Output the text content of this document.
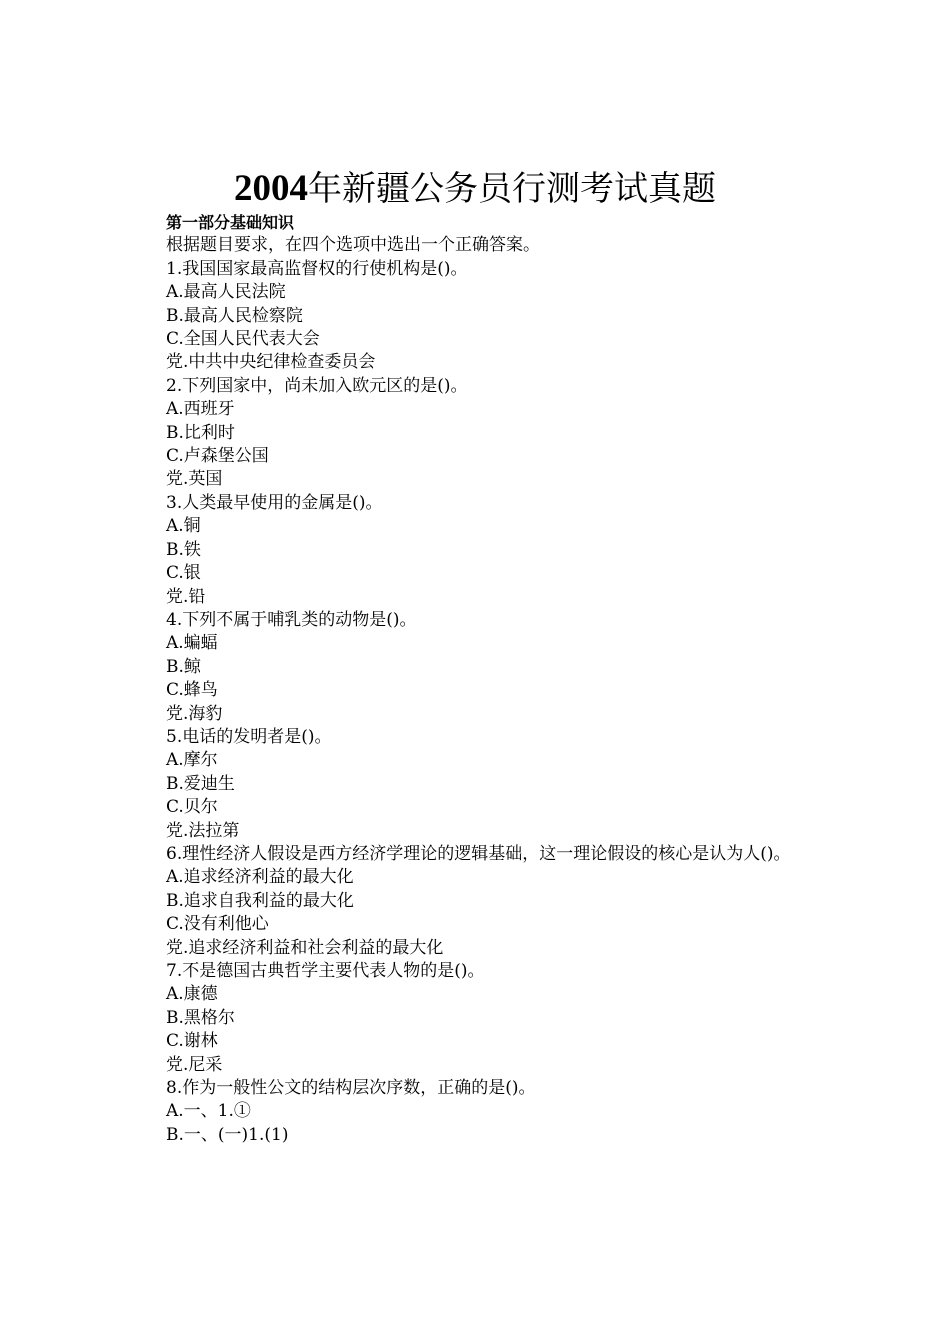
2004年新疆公务员行测考试真题
第一部分基础知识
根据题目要求，在四个选项中选出一个正确答案。
1.我国国家最高监督权的行使机构是()。
A.最高人民法院
B.最高人民检察院
C.全国人民代表大会
党.中共中央纪律检查委员会
2.下列国家中，尚未加入欧元区的是()。
A.西班牙
B.比利时
C.卢森堡公国
党.英国
3.人类最早使用的金属是()。
A.铜
B.铁
C.银
党.铅
4.下列不属于哺乳类的动物是()。
A.蝙蝠
B.鲸
C.蜂鸟
党.海豹
5.电话的发明者是()。
A.摩尔
B.爱迪生
C.贝尔
党.法拉第
6.理性经济人假设是西方经济学理论的逻辑基础，这一理论假设的核心是认为人()。
A.追求经济利益的最大化
B.追求自我利益的最大化
C.没有利他心
党.追求经济利益和社会利益的最大化
7.不是德国古典哲学主要代表人物的是()。
A.康德
B.黑格尔
C.谢林
党.尼采
8.作为一般性公文的结构层次序数，正确的是()。
A.一、1.①
B.一、(一)1.(1)
